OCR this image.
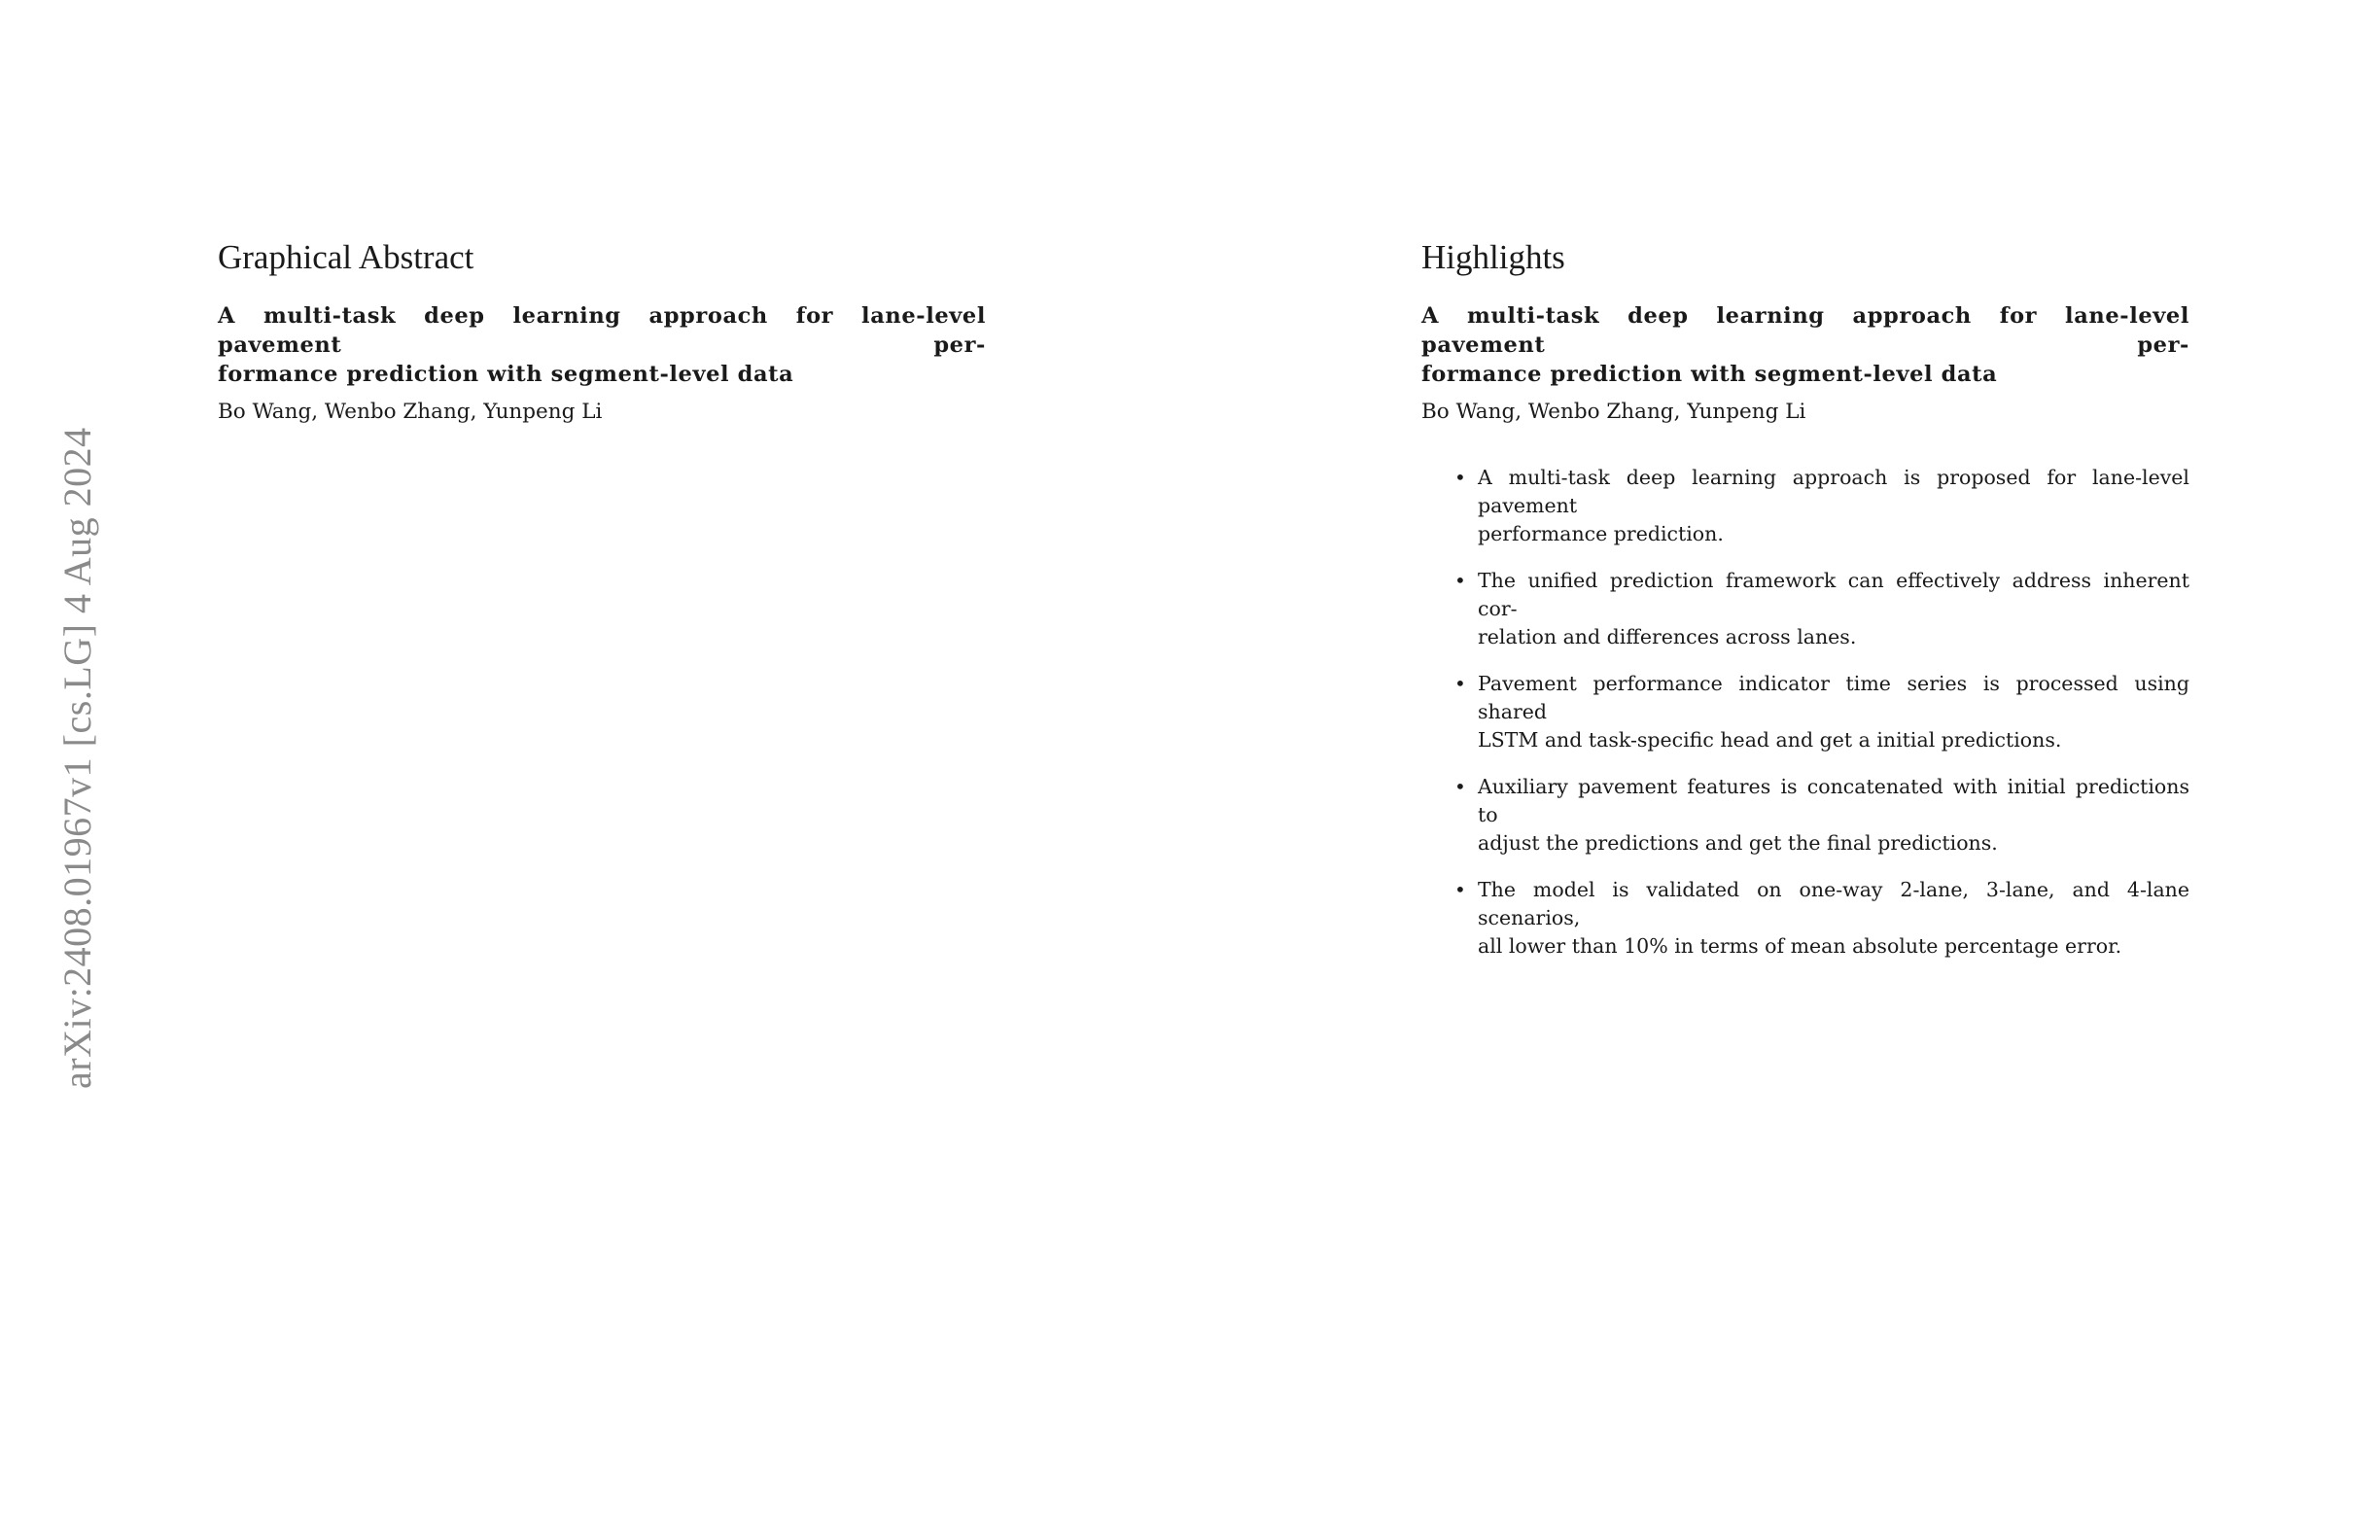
arXiv:2408.01967v1 [cs.LG] 4 Aug 2024
Graphical Abstract
A multi-task deep learning approach for lane-level pavement per-
formance prediction with segment-level data

Bo Wang, Wenbo Zhang, Yunpeng Li

Highlights
A multi-task deep learning approach for lane-level pavement per-
formance prediction with segment-level data

Bo Wang, Wenbo Zhang, Yunpeng Li

• A multi-task deep learning approach is proposed for lane-level pavement
performance prediction.
• The unified prediction framework can effectively address inherent cor-
relation and differences across lanes.
• Pavement performance indicator time series is processed using shared
LSTM and task-specific head and get a initial predictions.
• Auxiliary pavement features is concatenated with initial predictions to
adjust the predictions and get the final predictions.
• The model is validated on one-way 2-lane, 3-lane, and 4-lane scenarios,
all lower than 10% in terms of mean absolute percentage error.
